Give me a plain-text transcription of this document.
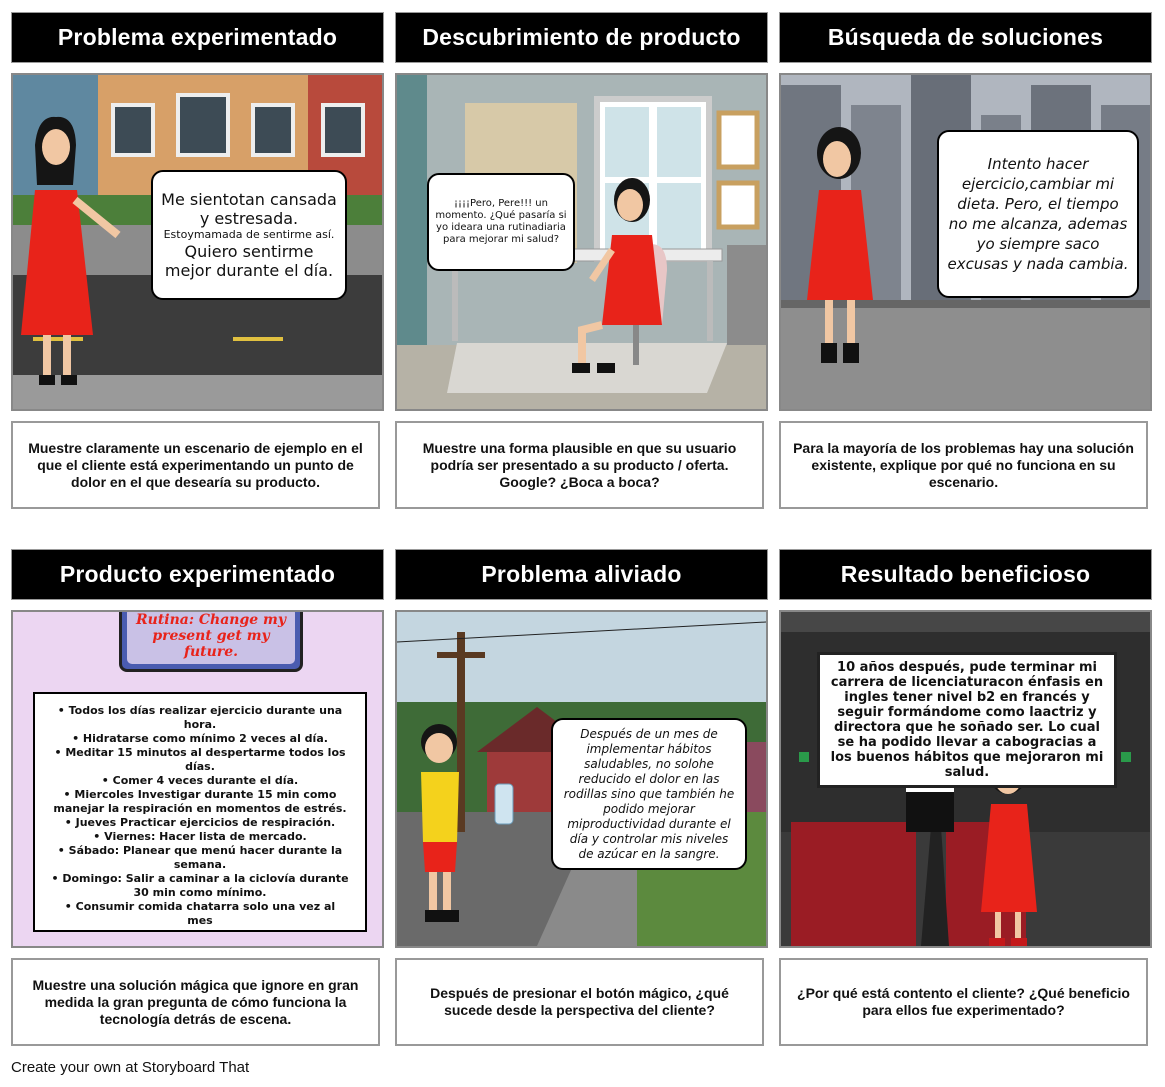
Problema experimentado
Me sientotan cansada y estresada.
Estoymamada de sentirme así.
Quiero sentirme mejor durante el día.
Muestre claramente un escenario de ejemplo en el que el cliente está experimentando un punto de dolor en el que desearía su producto.
Descubrimiento de producto
¡¡¡¡Pero, Pere!!! un momento. ¿Qué pasaría si yo ideara una rutinadiaria para mejorar mi salud?
Muestre una forma plausible en que su usuario podría ser presentado a su producto / oferta. Google? ¿Boca a boca?
Búsqueda de soluciones
Intento hacer ejercicio,cambiar mi dieta. Pero, el tiempo no me alcanza, ademas yo siempre saco excusas y nada cambia.
Para la mayoría de los problemas hay una solución existente, explique por qué no funciona en su escenario.
Producto experimentado
Rutina: Change my present get my future.
• Todos los días realizar ejercicio durante una hora.
• Hidratarse como mínimo 2 veces al día.
• Meditar 15 minutos al despertarme todos los días.
• Comer 4 veces durante el día.
• Miercoles Investigar durante 15 min como manejar la respiración en momentos de estrés.
• Jueves Practicar ejercicios de respiración.
• Viernes: Hacer lista de mercado.
• Sábado: Planear que menú hacer durante la semana.
• Domingo: Salir a caminar a la ciclovía durante 30 min como mínimo.
• Consumir comida chatarra solo una vez al mes
Muestre una solución mágica que ignore en gran medida la gran pregunta de cómo funciona la tecnología detrás de escena.
Problema aliviado
Después de un mes de implementar hábitos saludables, no solohe reducido el dolor en las rodillas sino que también he podido mejorar miproductividad durante el día y controlar mis niveles de azúcar en la sangre.
Después de presionar el botón mágico, ¿qué sucede desde la perspectiva del cliente?
Resultado beneficioso
10 años después, pude terminar mi carrera de licenciaturacon énfasis en ingles tener nivel b2 en francés y seguir formándome como laactriz y directora que he soñado ser. Lo cual se ha podido llevar a cabogracias a los buenos hábitos que mejoraron mi salud.
¿Por qué está contento el cliente? ¿Qué beneficio para ellos fue experimentado?
Create your own at Storyboard That
